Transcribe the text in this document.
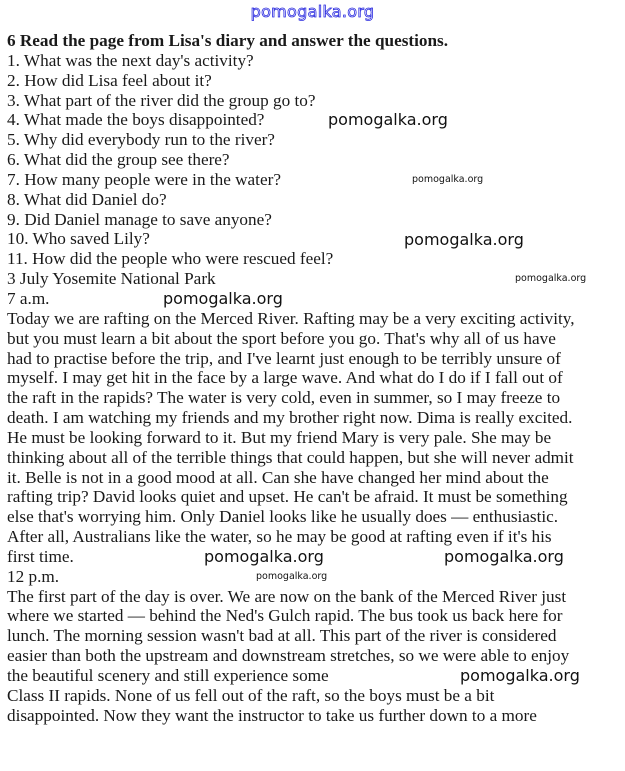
pomogalka.org
6 Read the page from Lisa's diary and answer the questions.
1. What was the next day's activity?
2. How did Lisa feel about it?
3. What part of the river did the group go to?
4. What made the boys disappointed?
5. Why did everybody run to the river?
6. What did the group see there?
7. How many people were in the water?
8. What did Daniel do?
9. Did Daniel manage to save anyone?
10. Who saved Lily?
11. How did the people who were rescued feel?
3 July Yosemite National Park
7 a.m.
Today we are rafting on the Merced River. Rafting may be a very exciting activity,
but you must learn a bit about the sport before you go. That's why all of us have
had to practise before the trip, and I've learnt just enough to be terribly unsure of
myself. I may get hit in the face by a large wave. And what do I do if I fall out of
the raft in the rapids? The water is very cold, even in summer, so I may freeze to
death. I am watching my friends and my brother right now. Dima is really excited.
He must be looking forward to it. But my friend Mary is very pale. She may be
thinking about all of the terrible things that could happen, but she will never admit
it. Belle is not in a good mood at all. Can she have changed her mind about the
rafting trip? David looks quiet and upset. He can't be afraid. It must be something
else that's worrying him. Only Daniel looks like he usually does — enthusiastic.
After all, Australians like the water, so he may be good at rafting even if it's his
first time.
12 p.m.
The first part of the day is over. We are now on the bank of the Merced River just
where we started — behind the Ned's Gulch rapid. The bus took us back here for
lunch. The morning session wasn't bad at all. This part of the river is considered
easier than both the upstream and downstream stretches, so we were able to enjoy
the beautiful scenery and still experience some
Class II rapids. None of us fell out of the raft, so the boys must be a bit
disappointed. Now they want the instructor to take us further down to a more
pomogalka.org
pomogalka.org
pomogalka.org
pomogalka.org
pomogalka.org
pomogalka.org	pomogalka.org
pomogalka.org
pomogalka.org
